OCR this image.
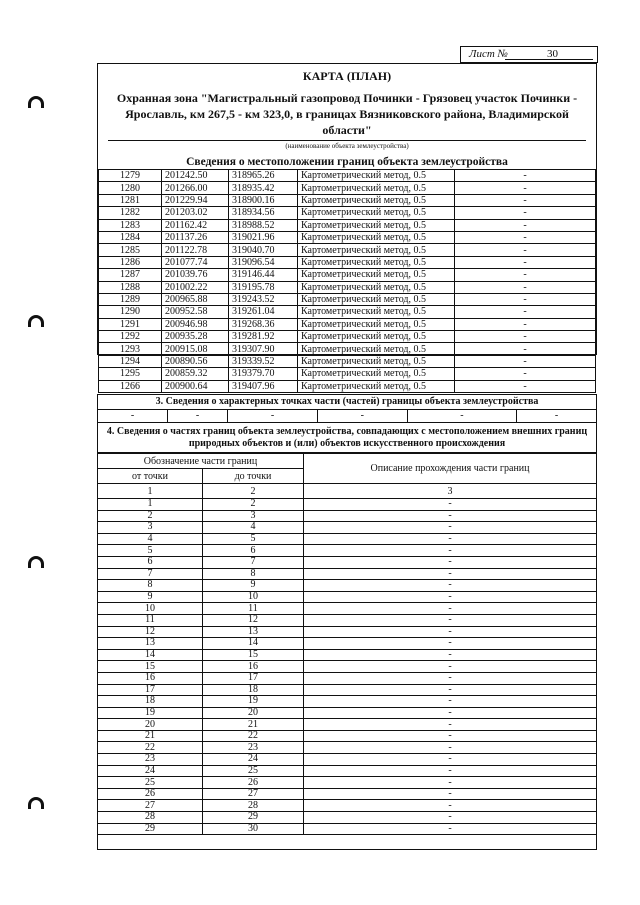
Лист №	30
КАРТА (ПЛАН)
Охранная зона "Магистральный газопровод Починки - Грязовец участок Починки - Ярославль, км 267,5 - км 323,0, в границах Вязниковского района, Владимирской области"
(наименование объекта землеустройства)
Сведения о местоположении границ объекта землеустройства
1279	201242.50	318965.26	Картометрический метод, 0.5	-
1280	201266.00	318935.42	Картометрический метод, 0.5	-
1281	201229.94	318900.16	Картометрический метод, 0.5	-
1282	201203.02	318934.56	Картометрический метод, 0.5	-
1283	201162.42	318988.52	Картометрический метод, 0.5	-
1284	201137.26	319021.96	Картометрический метод, 0.5	-
1285	201122.78	319040.70	Картометрический метод, 0.5	-
1286	201077.74	319096.54	Картометрический метод, 0.5	-
1287	201039.76	319146.44	Картометрический метод, 0.5	-
1288	201002.22	319195.78	Картометрический метод, 0.5	-
1289	200965.88	319243.52	Картометрический метод, 0.5	-
1290	200952.58	319261.04	Картометрический метод, 0.5	-
1291	200946.98	319268.36	Картометрический метод, 0.5	-
1292	200935.28	319281.92	Картометрический метод, 0.5	-
1293	200915.08	319307.90	Картометрический метод, 0.5	-
1294	200890.56	319339.52	Картометрический метод, 0.5	-
1295	200859.32	319379.70	Картометрический метод, 0.5	-
1266	200900.64	319407.96	Картометрический метод, 0.5	-
3. Сведения о характерных точках части (частей) границы объекта землеустройства
-	-	-	-	-	-
4. Сведения о частях границ объекта землеустройства, совпадающих с местоположением внешних границ природных объектов и (или) объектов искусственного происхождения
Обозначение части границ		Описание прохождения части границ
от точки	до точки	
1	2	3
1	2	-
2	3	-
3	4	-
4	5	-
5	6	-
6	7	-
7	8	-
8	9	-
9	10	-
10	11	-
11	12	-
12	13	-
13	14	-
14	15	-
15	16	-
16	17	-
17	18	-
18	19	-
19	20	-
20	21	-
21	22	-
22	23	-
23	24	-
24	25	-
25	26	-
26	27	-
27	28	-
28	29	-
29	30	-
